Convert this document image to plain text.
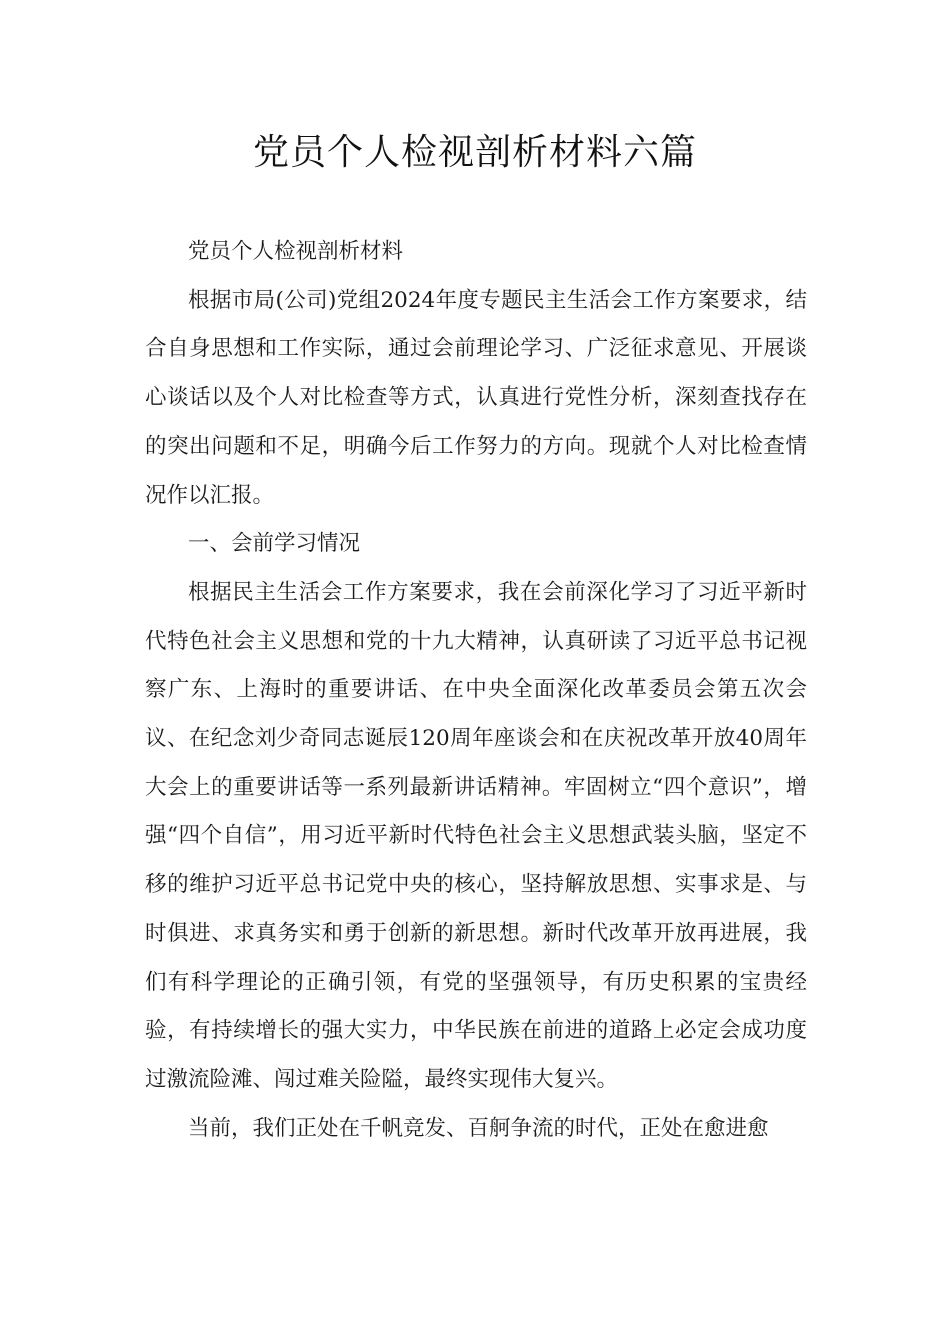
党员个人检视剖析材料六篇

党员个人检视剖析材料

根据市局(公司)党组2024年度专题民主生活会工作方案要求，结合自身思想和工作实际，通过会前理论学习、广泛征求意见、开展谈心谈话以及个人对比检查等方式，认真进行党性分析，深刻查找存在的突出问题和不足，明确今后工作努力的方向。现就个人对比检查情况作以汇报。

一、会前学习情况

根据民主生活会工作方案要求，我在会前深化学习了习近平新时代特色社会主义思想和党的十九大精神，认真研读了习近平总书记视察广东、上海时的重要讲话、在中央全面深化改革委员会第五次会议、在纪念刘少奇同志诞辰120周年座谈会和在庆祝改革开放40周年大会上的重要讲话等一系列最新讲话精神。牢固树立“四个意识”，增强“四个自信”，用习近平新时代特色社会主义思想武装头脑，坚定不移的维护习近平总书记党中央的核心，坚持解放思想、实事求是、与时俱进、求真务实和勇于创新的新思想。新时代改革开放再进展，我们有科学理论的正确引领，有党的坚强领导，有历史积累的宝贵经验，有持续增长的强大实力，中华民族在前进的道路上必定会成功度过激流险滩、闯过难关险隘，最终实现伟大复兴。

当前，我们正处在千帆竞发、百舸争流的时代，正处在愈进愈
